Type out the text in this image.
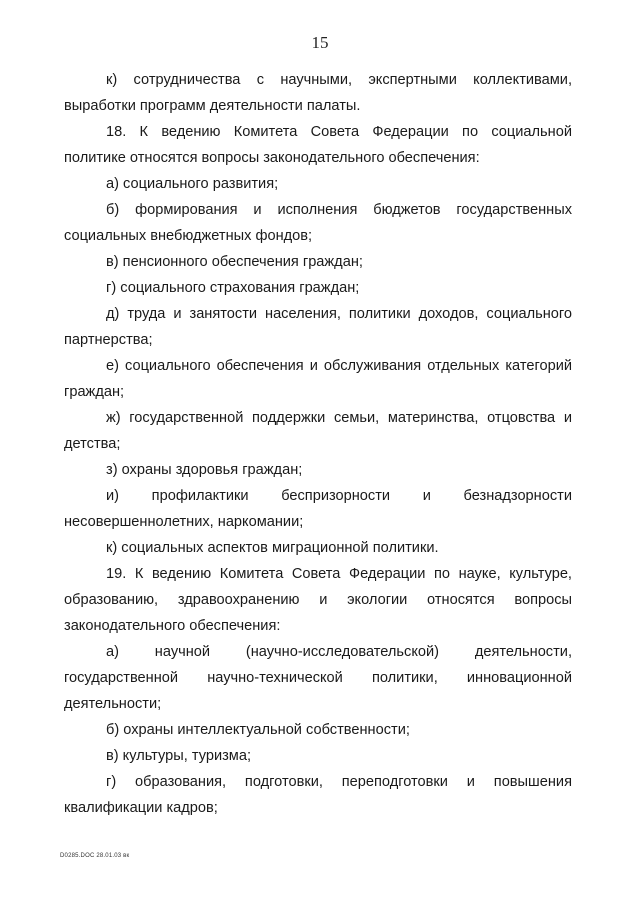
15

к) сотрудничества с научными, экспертными коллективами, выработки программ деятельности палаты.

18. К ведению Комитета Совета Федерации по социальной политике относятся вопросы законодательного обеспечения:

а) социального развития;

б) формирования и исполнения бюджетов государственных социальных внебюджетных фондов;

в) пенсионного обеспечения граждан;

г) социального страхования граждан;

д) труда и занятости населения, политики доходов, социального партнерства;

е) социального обеспечения и обслуживания отдельных категорий граждан;

ж) государственной поддержки семьи, материнства, отцовства и детства;

з) охраны здоровья граждан;

и) профилактики беспризорности и безнадзорности несовершеннолетних, наркомании;

к) социальных аспектов миграционной политики.

19. К ведению Комитета Совета Федерации по науке, культуре, образованию, здравоохранению и экологии относятся вопросы законодательного обеспечения:

а) научной (научно-исследовательской) деятельности, государственной научно-технической политики, инновационной деятельности;

б) охраны интеллектуальной собственности;

в) культуры, туризма;

г) образования, подготовки, переподготовки и повышения квалификации кадров;

D0285.DOC 28.01.03 вк
